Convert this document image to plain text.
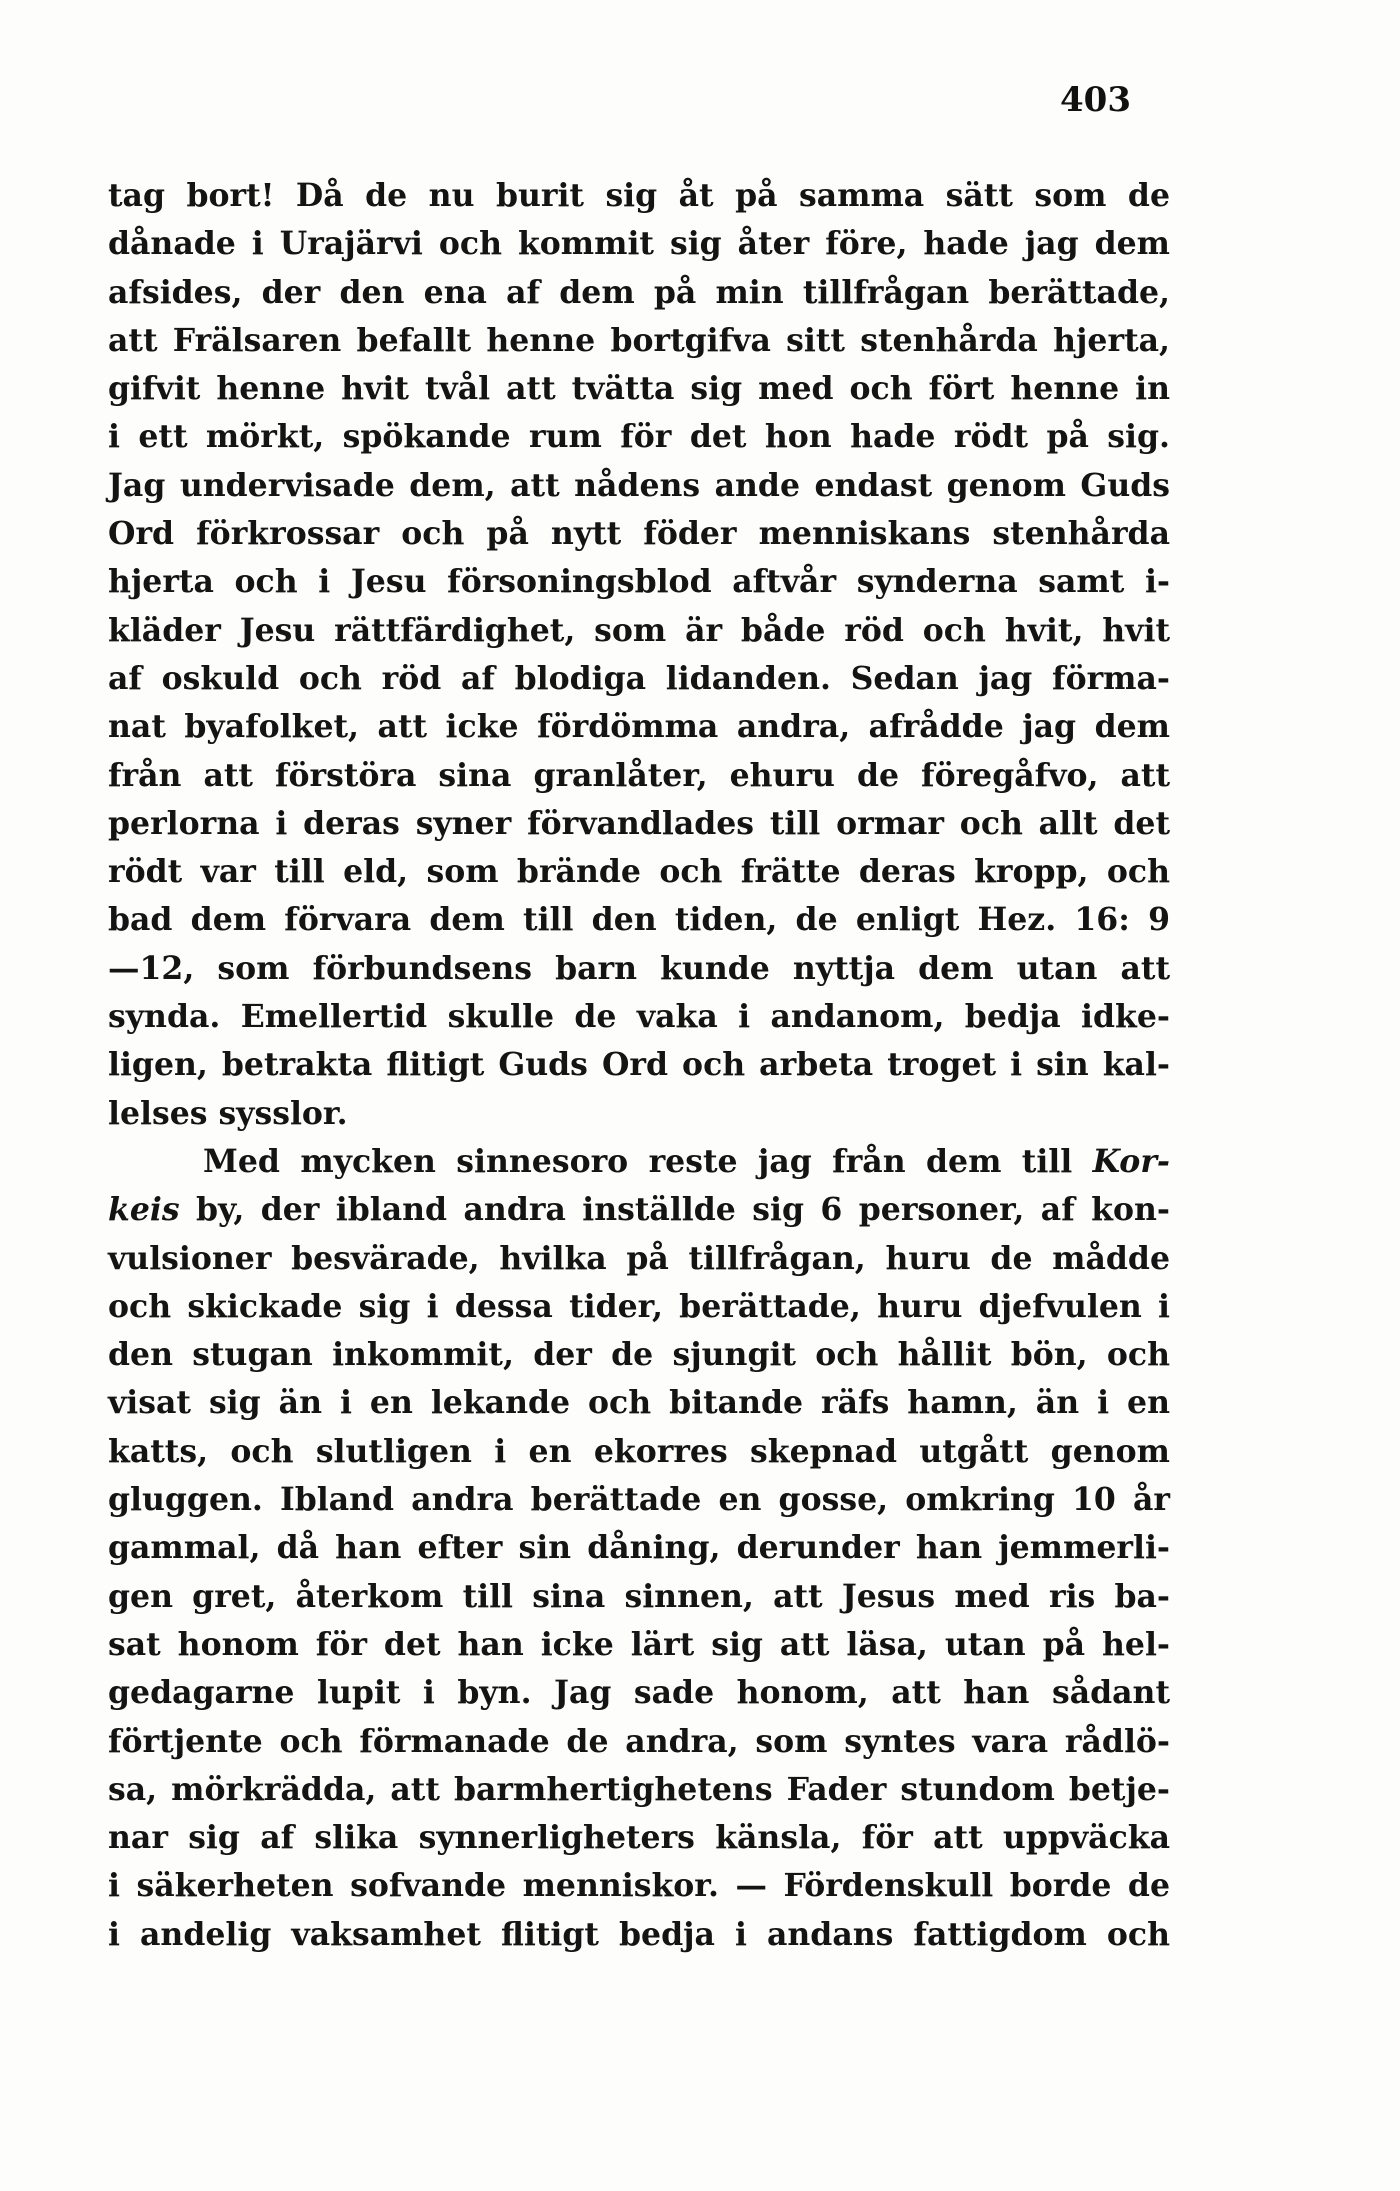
403
tag bort! Då de nu burit sig åt på samma sätt som de
dånade i Urajärvi och kommit sig åter före, hade jag dem
afsides, der den ena af dem på min tillfrågan berättade,
att Frälsaren befallt henne bortgifva sitt stenhårda hjerta,
gifvit henne hvit tvål att tvätta sig med och fört henne in
i ett mörkt, spökande rum för det hon hade rödt på sig.
Jag undervisade dem, att nådens ande endast genom Guds
Ord förkrossar och på nytt föder menniskans stenhårda
hjerta och i Jesu försoningsblod aftvår synderna samt i-
kläder Jesu rättfärdighet, som är både röd och hvit, hvit
af oskuld och röd af blodiga lidanden. Sedan jag förma-
nat byafolket, att icke fördömma andra, afrådde jag dem
från att förstöra sina granlåter, ehuru de föregåfvo, att
perlorna i deras syner förvandlades till ormar och allt det
rödt var till eld, som brände och frätte deras kropp, och
bad dem förvara dem till den tiden, de enligt Hez. 16: 9
—12, som förbundsens barn kunde nyttja dem utan att
synda. Emellertid skulle de vaka i andanom, bedja idke-
ligen, betrakta flitigt Guds Ord och arbeta troget i sin kal-
lelses sysslor.
Med mycken sinnesoro reste jag från dem till Kor-
keis by, der ibland andra inställde sig 6 personer, af kon-
vulsioner besvärade, hvilka på tillfrågan, huru de mådde
och skickade sig i dessa tider, berättade, huru djefvulen i
den stugan inkommit, der de sjungit och hållit bön, och
visat sig än i en lekande och bitande räfs hamn, än i en
katts, och slutligen i en ekorres skepnad utgått genom
gluggen. Ibland andra berättade en gosse, omkring 10 år
gammal, då han efter sin dåning, derunder han jemmerli-
gen gret, återkom till sina sinnen, att Jesus med ris ba-
sat honom för det han icke lärt sig att läsa, utan på hel-
gedagarne lupit i byn. Jag sade honom, att han sådant
förtjente och förmanade de andra, som syntes vara rådlö-
sa, mörkrädda, att barmhertighetens Fader stundom betje-
nar sig af slika synnerligheters känsla, för att uppväcka
i säkerheten sofvande menniskor. — Fördenskull borde de
i andelig vaksamhet flitigt bedja i andans fattigdom och
